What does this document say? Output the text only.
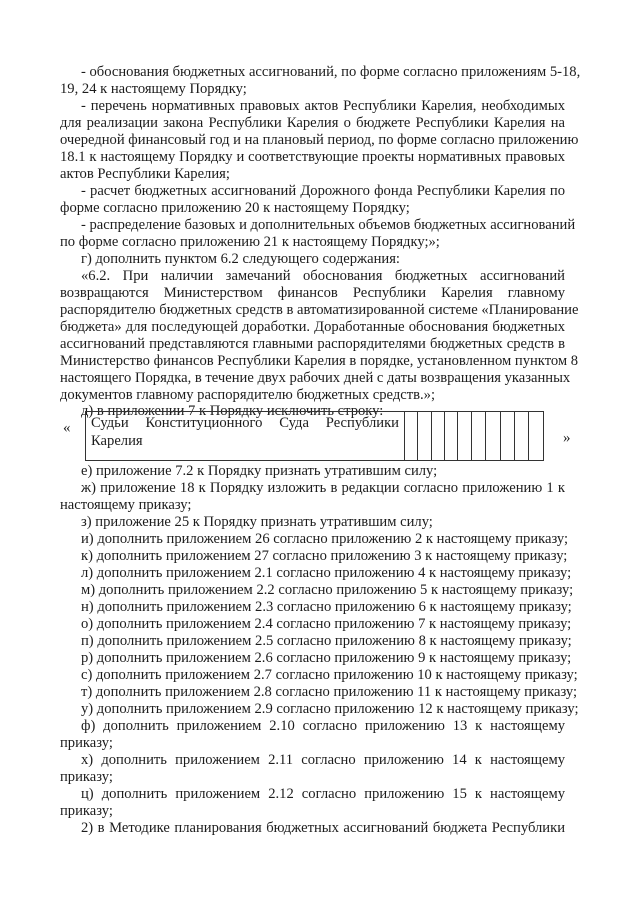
- обоснования бюджетных ассигнований, по форме согласно приложениям 5-18,
19, 24 к настоящему Порядку;
- перечень нормативных правовых актов Республики Карелия, необходимых
для реализации закона Республики Карелия о бюджете Республики Карелия на
очередной финансовый год и на плановый период, по форме согласно приложению
18.1 к настоящему Порядку и соответствующие проекты нормативных правовых
актов Республики Карелия;
- расчет бюджетных ассигнований Дорожного фонда Республики Карелия по
форме согласно приложению 20 к настоящему Порядку;
- распределение базовых и дополнительных объемов бюджетных ассигнований
по форме согласно приложению 21 к настоящему Порядку;»;
г) дополнить пунктом 6.2 следующего содержания:
«6.2. При наличии замечаний обоснования бюджетных ассигнований
возвращаются Министерством финансов Республики Карелия главному
распорядителю бюджетных средств в автоматизированной системе «Планирование
бюджета» для последующей доработки. Доработанные обоснования бюджетных
ассигнований представляются главными распорядителями бюджетных средств в
Министерство финансов Республики Карелия в порядке, установленном пунктом 8
настоящего Порядка, в течение двух рабочих дней с даты возвращения указанных
документов главному распорядителю бюджетных средств.»;
д) в приложении 7 к Порядку исключить строку:
« Судьи Конституционного Суда Республики
Карелия	»
е) приложение 7.2 к Порядку признать утратившим силу;
ж) приложение 18 к Порядку изложить в редакции согласно приложению 1 к
настоящему приказу;
з) приложение 25 к Порядку признать утратившим силу;
и) дополнить приложением 26 согласно приложению 2 к настоящему приказу;
к) дополнить приложением 27 согласно приложению 3 к настоящему приказу;
л) дополнить приложением 2.1 согласно приложению 4 к настоящему приказу;
м) дополнить приложением 2.2 согласно приложению 5 к настоящему приказу;
н) дополнить приложением 2.3 согласно приложению 6 к настоящему приказу;
о) дополнить приложением 2.4 согласно приложению 7 к настоящему приказу;
п) дополнить приложением 2.5 согласно приложению 8 к настоящему приказу;
р) дополнить приложением 2.6 согласно приложению 9 к настоящему приказу;
с) дополнить приложением 2.7 согласно приложению 10 к настоящему приказу;
т) дополнить приложением 2.8 согласно приложению 11 к настоящему приказу;
у) дополнить приложением 2.9 согласно приложению 12 к настоящему приказу;
ф) дополнить приложением 2.10 согласно приложению 13 к настоящему
приказу;
х) дополнить приложением 2.11 согласно приложению 14 к настоящему
приказу;
ц) дополнить приложением 2.12 согласно приложению 15 к настоящему
приказу;
2) в Методике планирования бюджетных ассигнований бюджета Республики
